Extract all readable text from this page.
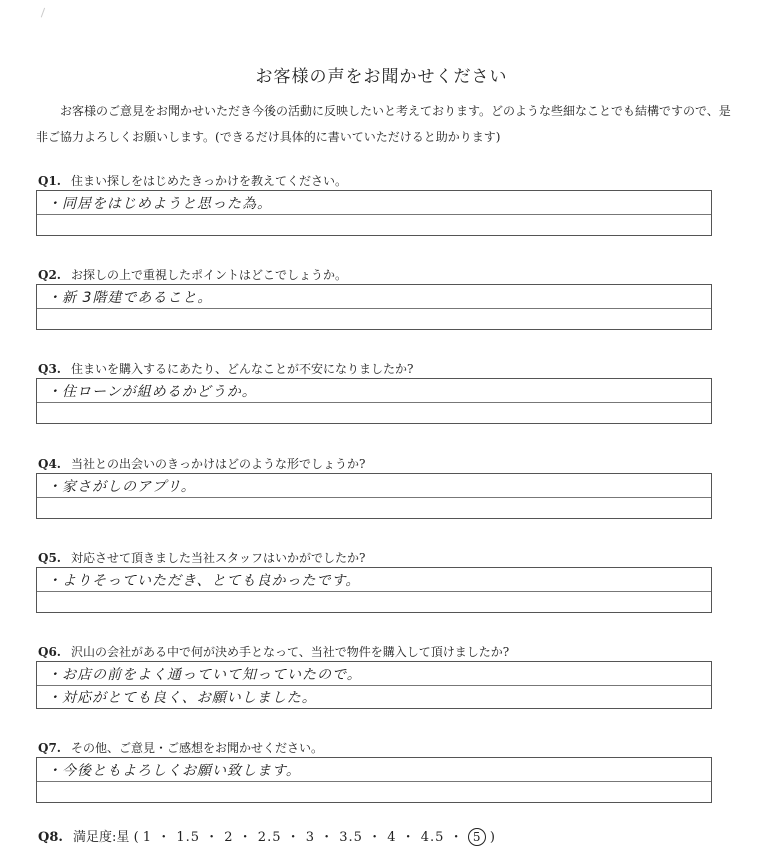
お客様の声をお聞かせください
お客様のご意見をお聞かせいただき今後の活動に反映したいと考えております。どのような些細なことでも結構ですので、是非ご協力よろしくお願いします。(できるだけ具体的に書いていただけると助かります)
Q1. 住まい探しをはじめたきっかけを教えてください。
・同居をはじめようと思った為。
Q2. お探しの上で重視したポイントはどこでしょうか。
・新 3階建であること。
Q3. 住まいを購入するにあたり、どんなことが不安になりましたか?
・住ローンが組めるかどうか。
Q4. 当社との出会いのきっかけはどのような形でしょうか?
・家さがしのアプリ。
Q5. 対応させて頂きました当社スタッフはいかがでしたか?
・よりそっていただき、とても良かったです。
Q6. 沢山の会社がある中で何が決め手となって、当社で物件を購入して頂けましたか?
・お店の前をよく通っていて知っていたので。
・対応がとても良く、お願いしました。
Q7. その他、ご意見・ご感想をお聞かせください。
・今後ともよろしくお願い致します。
Q8. 満足度:星 ( 1 ・ 1.5 ・ 2 ・ 2.5 ・ 3 ・ 3.5 ・ 4 ・ 4.5 ・ 5 )
